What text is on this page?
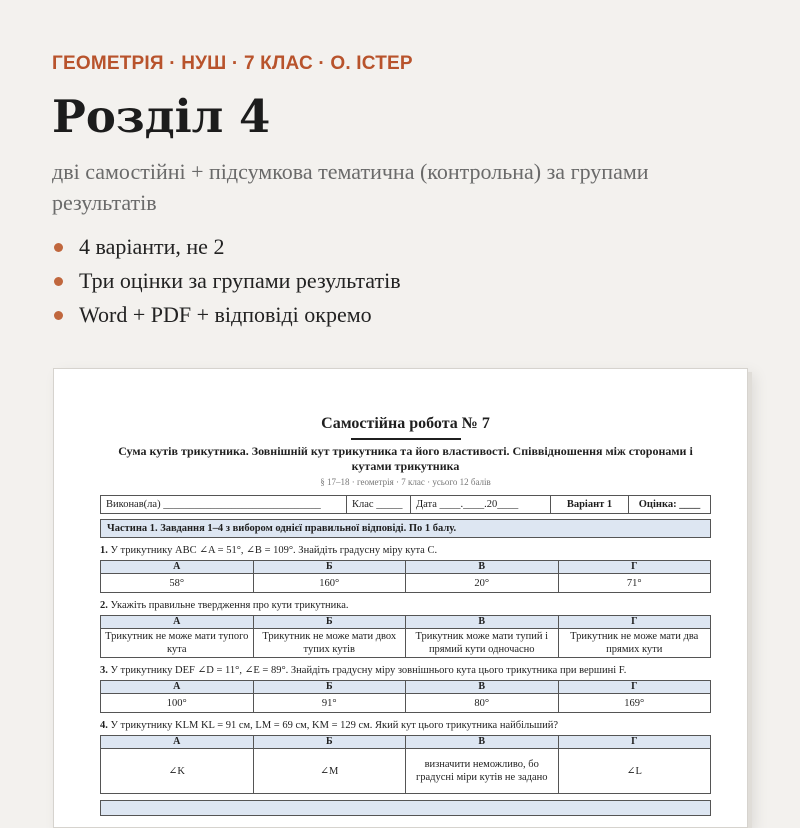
ГЕОМЕТРІЯ · НУШ · 7 КЛАС · О. ІСТЕР
Розділ 4
дві самостійні + підсумкова тематична (контрольна) за групами результатів
4 варіанти, не 2
Три оцінки за групами результатів
Word + PDF + відповіді окремо
Самостійна робота № 7
Сума кутів трикутника. Зовнішній кут трикутника та його властивості. Співвідношення між сторонами і кутами трикутника
§ 17–18 · геометрія · 7 клас · усього 12 балів
Виконав(ла) ______________________________	Клас _____	Дата ____.____.20____	Варіант 1	Оцінка: ____
Частина 1. Завдання 1–4 з вибором однієї правильної відповіді. По 1 балу.
1. У трикутнику ABC ∠A = 51°, ∠B = 109°. Знайдіть градусну міру кута C.
А	Б	В	Г
58°	160°	20°	71°
2. Укажіть правильне твердження про кути трикутника.
А	Б	В	Г
Трикутник не може мати тупого кута	Трикутник не може мати двох тупих кутів	Трикутник може мати тупий і прямий кути одночасно	Трикутник не може мати два прямих кути
3. У трикутнику DEF ∠D = 11°, ∠E = 89°. Знайдіть градусну міру зовнішнього кута цього трикутника при вершині F.
А	Б	В	Г
100°	91°	80°	169°
4. У трикутнику KLM KL = 91 см, LM = 69 см, KM = 129 см. Який кут цього трикутника найбільший?
А	Б	В	Г
∠K	∠M	визначити неможливо, бо градусні міри кутів не задано	∠L
